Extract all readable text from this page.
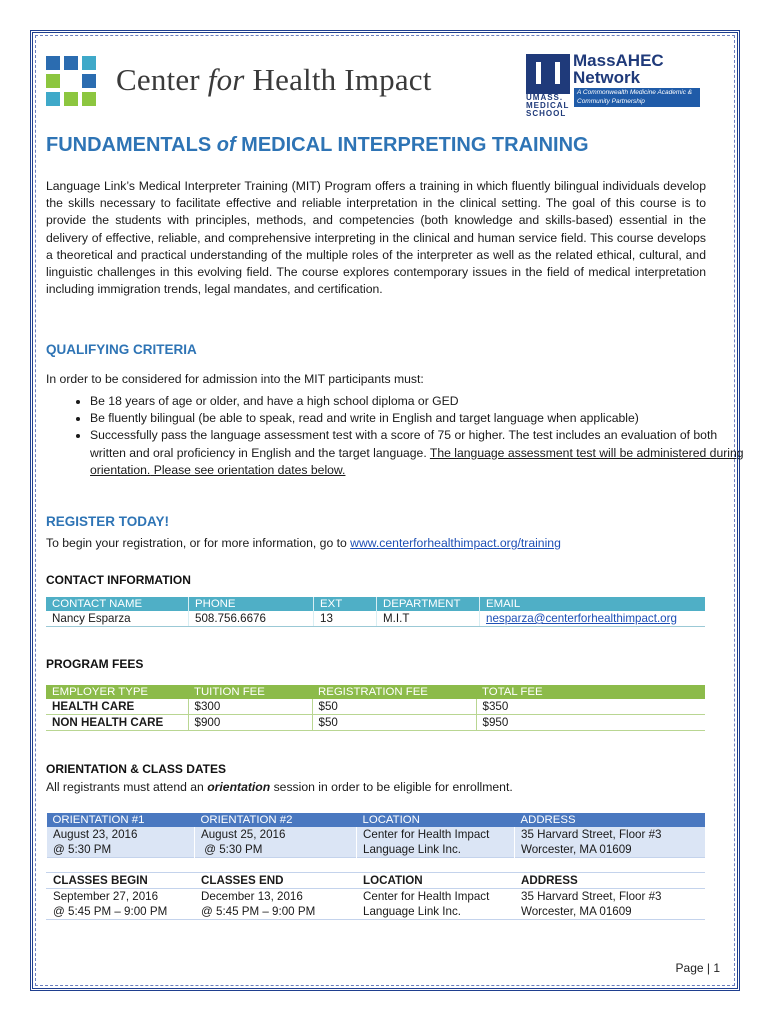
Center for Health Impact
UMASS. MEDICAL SCHOOL
MassAHEC
Network
A Commonwealth Medicine Academic & Community Partnership
FUNDAMENTALS of MEDICAL INTERPRETING TRAINING

Language Link’s Medical Interpreter Training (MIT) Program offers a training in which fluently bilingual individuals develop the skills necessary to facilitate effective and reliable interpretation in the clinical setting. The goal of this course is to provide the students with principles, methods, and competencies (both knowledge and skills-based) essential in the delivery of effective, reliable, and comprehensive interpreting in the clinical and human service field. This course develops a theoretical and practical understanding of the multiple roles of the interpreter as well as the related ethical, cultural, and linguistic challenges in this evolving field. The course explores contemporary issues in the field of medical interpretation including immigration trends, legal mandates, and certification.

QUALIFYING CRITERIA

In order to be considered for admission into the MIT participants must:

• Be 18 years of age or older, and have a high school diploma or GED
• Be fluently bilingual (be able to speak, read and write in English and target language when applicable)
• Successfully pass the language assessment test with a score of 75 or higher. The test includes an evaluation of both written and oral proficiency in English and the target language. The language assessment test will be administered during orientation. Please see orientation dates below.
REGISTER TODAY!

To begin your registration, or for more information, go to www.centerforhealthimpact.org/training

CONTACT INFORMATION
CONTACT NAME	PHONE	EXT	DEPARTMENT	EMAIL
Nancy Esparza	508.756.6676	13	M.I.T	nesparza@centerforhealthimpact.org
PROGRAM FEES
EMPLOYER TYPE	TUITION FEE	REGISTRATION FEE	TOTAL FEE
HEALTH CARE	$300	$50	$350
NON HEALTH CARE	$900	$50	$950
ORIENTATION & CLASS DATES

All registrants must attend an orientation session in order to be eligible for enrollment.

ORIENTATION #1	ORIENTATION #2	LOCATION	ADDRESS
August 23, 2016	August 25, 2016	Center for Health Impact	35 Harvard Street, Floor #3
@ 5:30 PM	@ 5:30 PM	Language Link Inc.	Worcester, MA 01609

CLASSES BEGIN	CLASSES END	LOCATION	ADDRESS
September 27, 2016	December 13, 2016	Center for Health Impact	35 Harvard Street, Floor #3
@ 5:45 PM – 9:00 PM	@ 5:45 PM – 9:00 PM	Language Link Inc.	Worcester, MA 01609
Page | 1
